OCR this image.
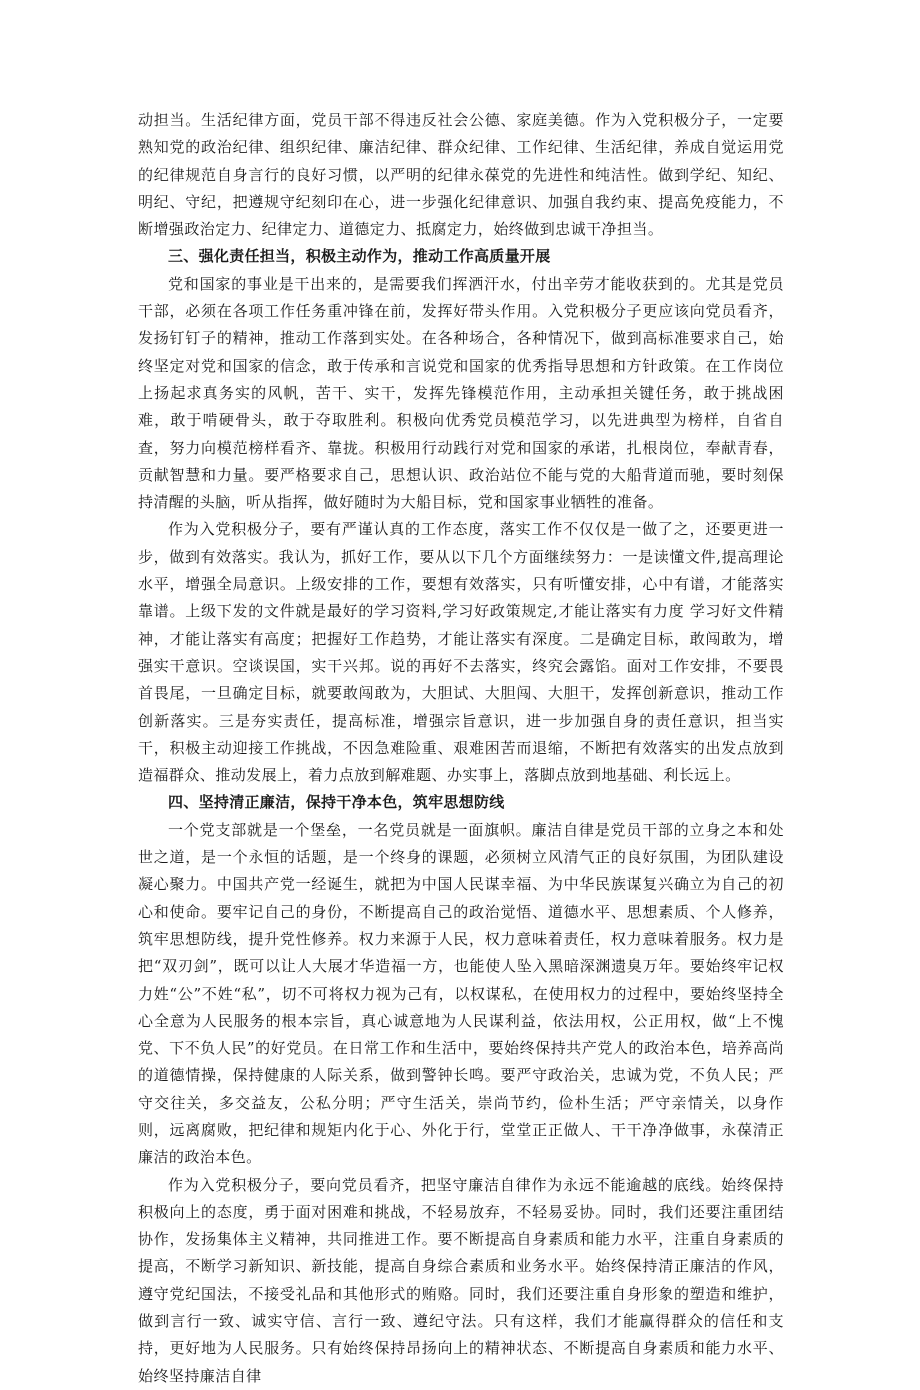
动担当。生活纪律方面，党员干部不得违反社会公德、家庭美德。作为入党积极分子，一定要熟知党的政治纪律、组织纪律、廉洁纪律、群众纪律、工作纪律、生活纪律，养成自觉运用党的纪律规范自身言行的良好习惯，以严明的纪律永葆党的先进性和纯洁性。做到学纪、知纪、明纪、守纪，把遵规守纪刻印在心，进一步强化纪律意识、加强自我约束、提高免疫能力，不断增强政治定力、纪律定力、道德定力、抵腐定力，始终做到忠诚干净担当。

三、强化责任担当，积极主动作为，推动工作高质量开展

党和国家的事业是干出来的，是需要我们挥洒汗水，付出辛劳才能收获到的。尤其是党员干部，必须在各项工作任务重冲锋在前，发挥好带头作用。入党积极分子更应该向党员看齐，发扬钉钉子的精神，推动工作落到实处。在各种场合，各种情况下，做到高标准要求自己，始终坚定对党和国家的信念，敢于传承和言说党和国家的优秀指导思想和方针政策。在工作岗位上扬起求真务实的风帆，苦干、实干，发挥先锋模范作用，主动承担关键任务，敢于挑战困难，敢于啃硬骨头，敢于夺取胜利。积极向优秀党员模范学习，以先进典型为榜样，自省自查，努力向模范榜样看齐、靠拢。积极用行动践行对党和国家的承诺，扎根岗位，奉献青春，贡献智慧和力量。要严格要求自己，思想认识、政治站位不能与党的大船背道而驰，要时刻保持清醒的头脑，听从指挥，做好随时为大船目标，党和国家事业牺牲的准备。

作为入党积极分子，要有严谨认真的工作态度，落实工作不仅仅是一做了之，还要更进一步，做到有效落实。我认为，抓好工作，要从以下几个方面继续努力：一是读懂文件,提高理论水平，增强全局意识。上级安排的工作，要想有效落实，只有听懂安排，心中有谱，才能落实靠谱。上级下发的文件就是最好的学习资料,学习好政策规定,才能让落实有力度 学习好文件精神，才能让落实有高度；把握好工作趋势，才能让落实有深度。二是确定目标，敢闯敢为，增强实干意识。空谈误国，实干兴邦。说的再好不去落实，终究会露馅。面对工作安排，不要畏首畏尾，一旦确定目标，就要敢闯敢为，大胆试、大胆闯、大胆干，发挥创新意识，推动工作创新落实。三是夯实责任，提高标准，增强宗旨意识，进一步加强自身的责任意识，担当实干，积极主动迎接工作挑战，不因急难险重、艰难困苦而退缩，不断把有效落实的出发点放到造福群众、推动发展上，着力点放到解难题、办实事上，落脚点放到地基础、利长远上。

四、坚持清正廉洁，保持干净本色，筑牢思想防线

一个党支部就是一个堡垒，一名党员就是一面旗帜。廉洁自律是党员干部的立身之本和处世之道，是一个永恒的话题，是一个终身的课题，必须树立风清气正的良好氛围，为团队建设凝心聚力。中国共产党一经诞生，就把为中国人民谋幸福、为中华民族谋复兴确立为自己的初心和使命。要牢记自己的身份，不断提高自己的政治觉悟、道德水平、思想素质、个人修养，筑牢思想防线，提升党性修养。权力来源于人民，权力意味着责任，权力意味着服务。权力是把“双刃剑”，既可以让人大展才华造福一方，也能使人坠入黑暗深渊遗臭万年。要始终牢记权力姓“公”不姓“私”，切不可将权力视为己有，以权谋私，在使用权力的过程中，要始终坚持全心全意为人民服务的根本宗旨，真心诚意地为人民谋利益，依法用权，公正用权，做“上不愧党、下不负人民”的好党员。在日常工作和生活中，要始终保持共产党人的政治本色，培养高尚的道德情操，保持健康的人际关系，做到警钟长鸣。要严守政治关，忠诚为党，不负人民；严守交往关，多交益友，公私分明；严守生活关，崇尚节约，俭朴生活；严守亲情关，以身作则，远离腐败，把纪律和规矩内化于心、外化于行，堂堂正正做人、干干净净做事，永葆清正廉洁的政治本色。

作为入党积极分子，要向党员看齐，把坚守廉洁自律作为永远不能逾越的底线。始终保持积极向上的态度，勇于面对困难和挑战，不轻易放弃，不轻易妥协。同时，我们还要注重团结协作，发扬集体主义精神，共同推进工作。要不断提高自身素质和能力水平，注重自身素质的提高，不断学习新知识、新技能，提高自身综合素质和业务水平。始终保持清正廉洁的作风，遵守党纪国法，不接受礼品和其他形式的贿赂。同时，我们还要注重自身形象的塑造和维护，做到言行一致、诚实守信、言行一致、遵纪守法。只有这样，我们才能赢得群众的信任和支持，更好地为人民服务。只有始终保持昂扬向上的精神状态、不断提高自身素质和能力水平、始终坚持廉洁自律
